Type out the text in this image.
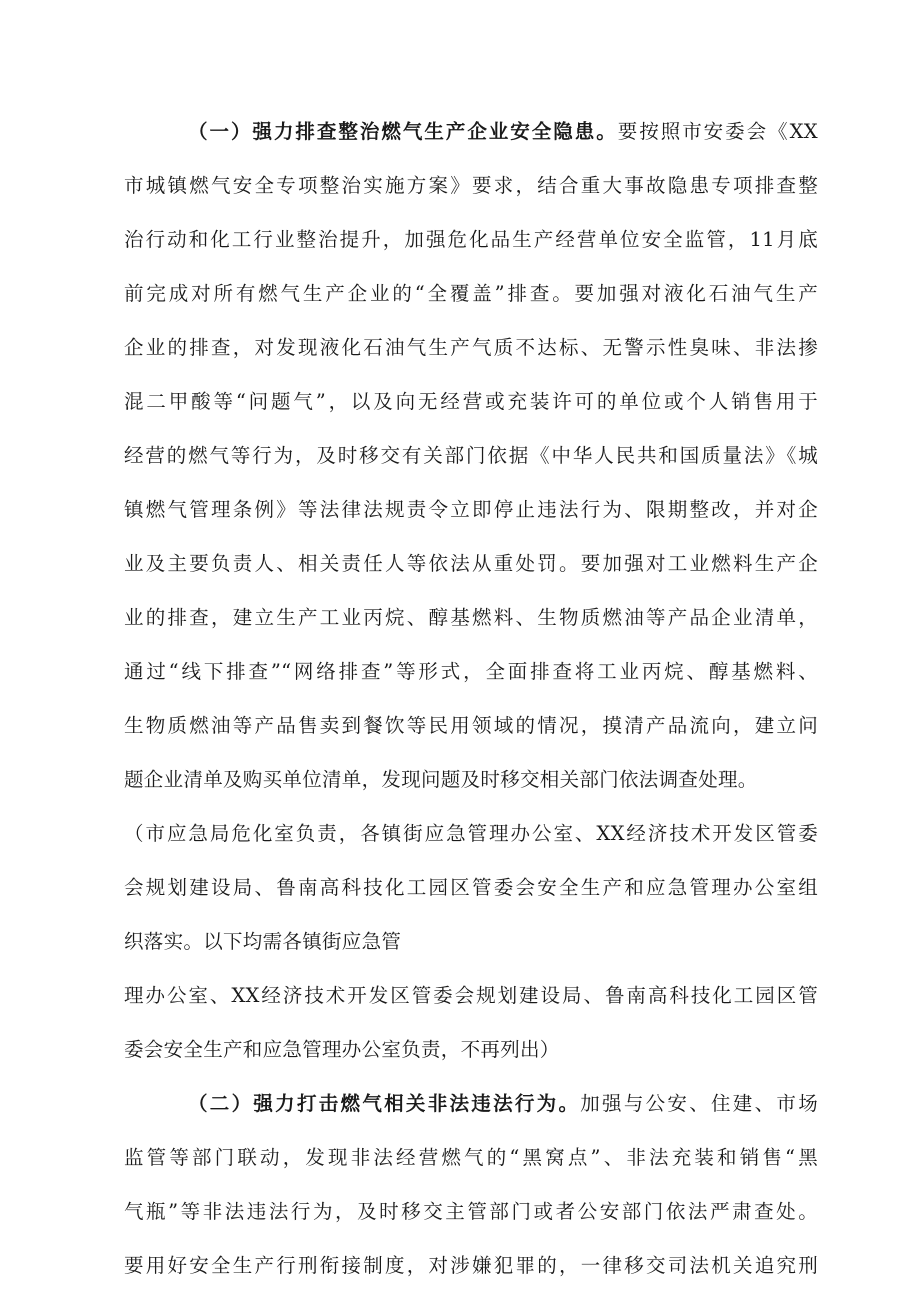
（一）强力排查整治燃气生产企业安全隐患。要按照市安委会《XX
市城镇燃气安全专项整治实施方案》要求，结合重大事故隐患专项排查整
治行动和化工行业整治提升，加强危化品生产经营单位安全监管，11月底
前完成对所有燃气生产企业的“全覆盖”排查。要加强对液化石油气生产
企业的排查，对发现液化石油气生产气质不达标、无警示性臭味、非法掺
混二甲酸等“问题气”，以及向无经营或充装许可的单位或个人销售用于
经营的燃气等行为，及时移交有关部门依据《中华人民共和国质量法》《城
镇燃气管理条例》等法律法规责令立即停止违法行为、限期整改，并对企
业及主要负责人、相关责任人等依法从重处罚。要加强对工业燃料生产企
业的排查，建立生产工业丙烷、醇基燃料、生物质燃油等产品企业清单，
通过“线下排查”“网络排查”等形式，全面排查将工业丙烷、醇基燃料、
生物质燃油等产品售卖到餐饮等民用领域的情况，摸清产品流向，建立问
题企业清单及购买单位清单，发现问题及时移交相关部门依法调查处理。
（市应急局危化室负责，各镇街应急管理办公室、XX经济技术开发区管委
会规划建设局、鲁南高科技化工园区管委会安全生产和应急管理办公室组
织落实。以下均需各镇街应急管
理办公室、XX经济技术开发区管委会规划建设局、鲁南高科技化工园区管
委会安全生产和应急管理办公室负责，不再列出）
（二）强力打击燃气相关非法违法行为。加强与公安、住建、市场
监管等部门联动，发现非法经营燃气的“黑窝点”、非法充装和销售“黑
气瓶”等非法违法行为，及时移交主管部门或者公安部门依法严肃查处。
要用好安全生产行刑衔接制度，对涉嫌犯罪的，一律移交司法机关追究刑
